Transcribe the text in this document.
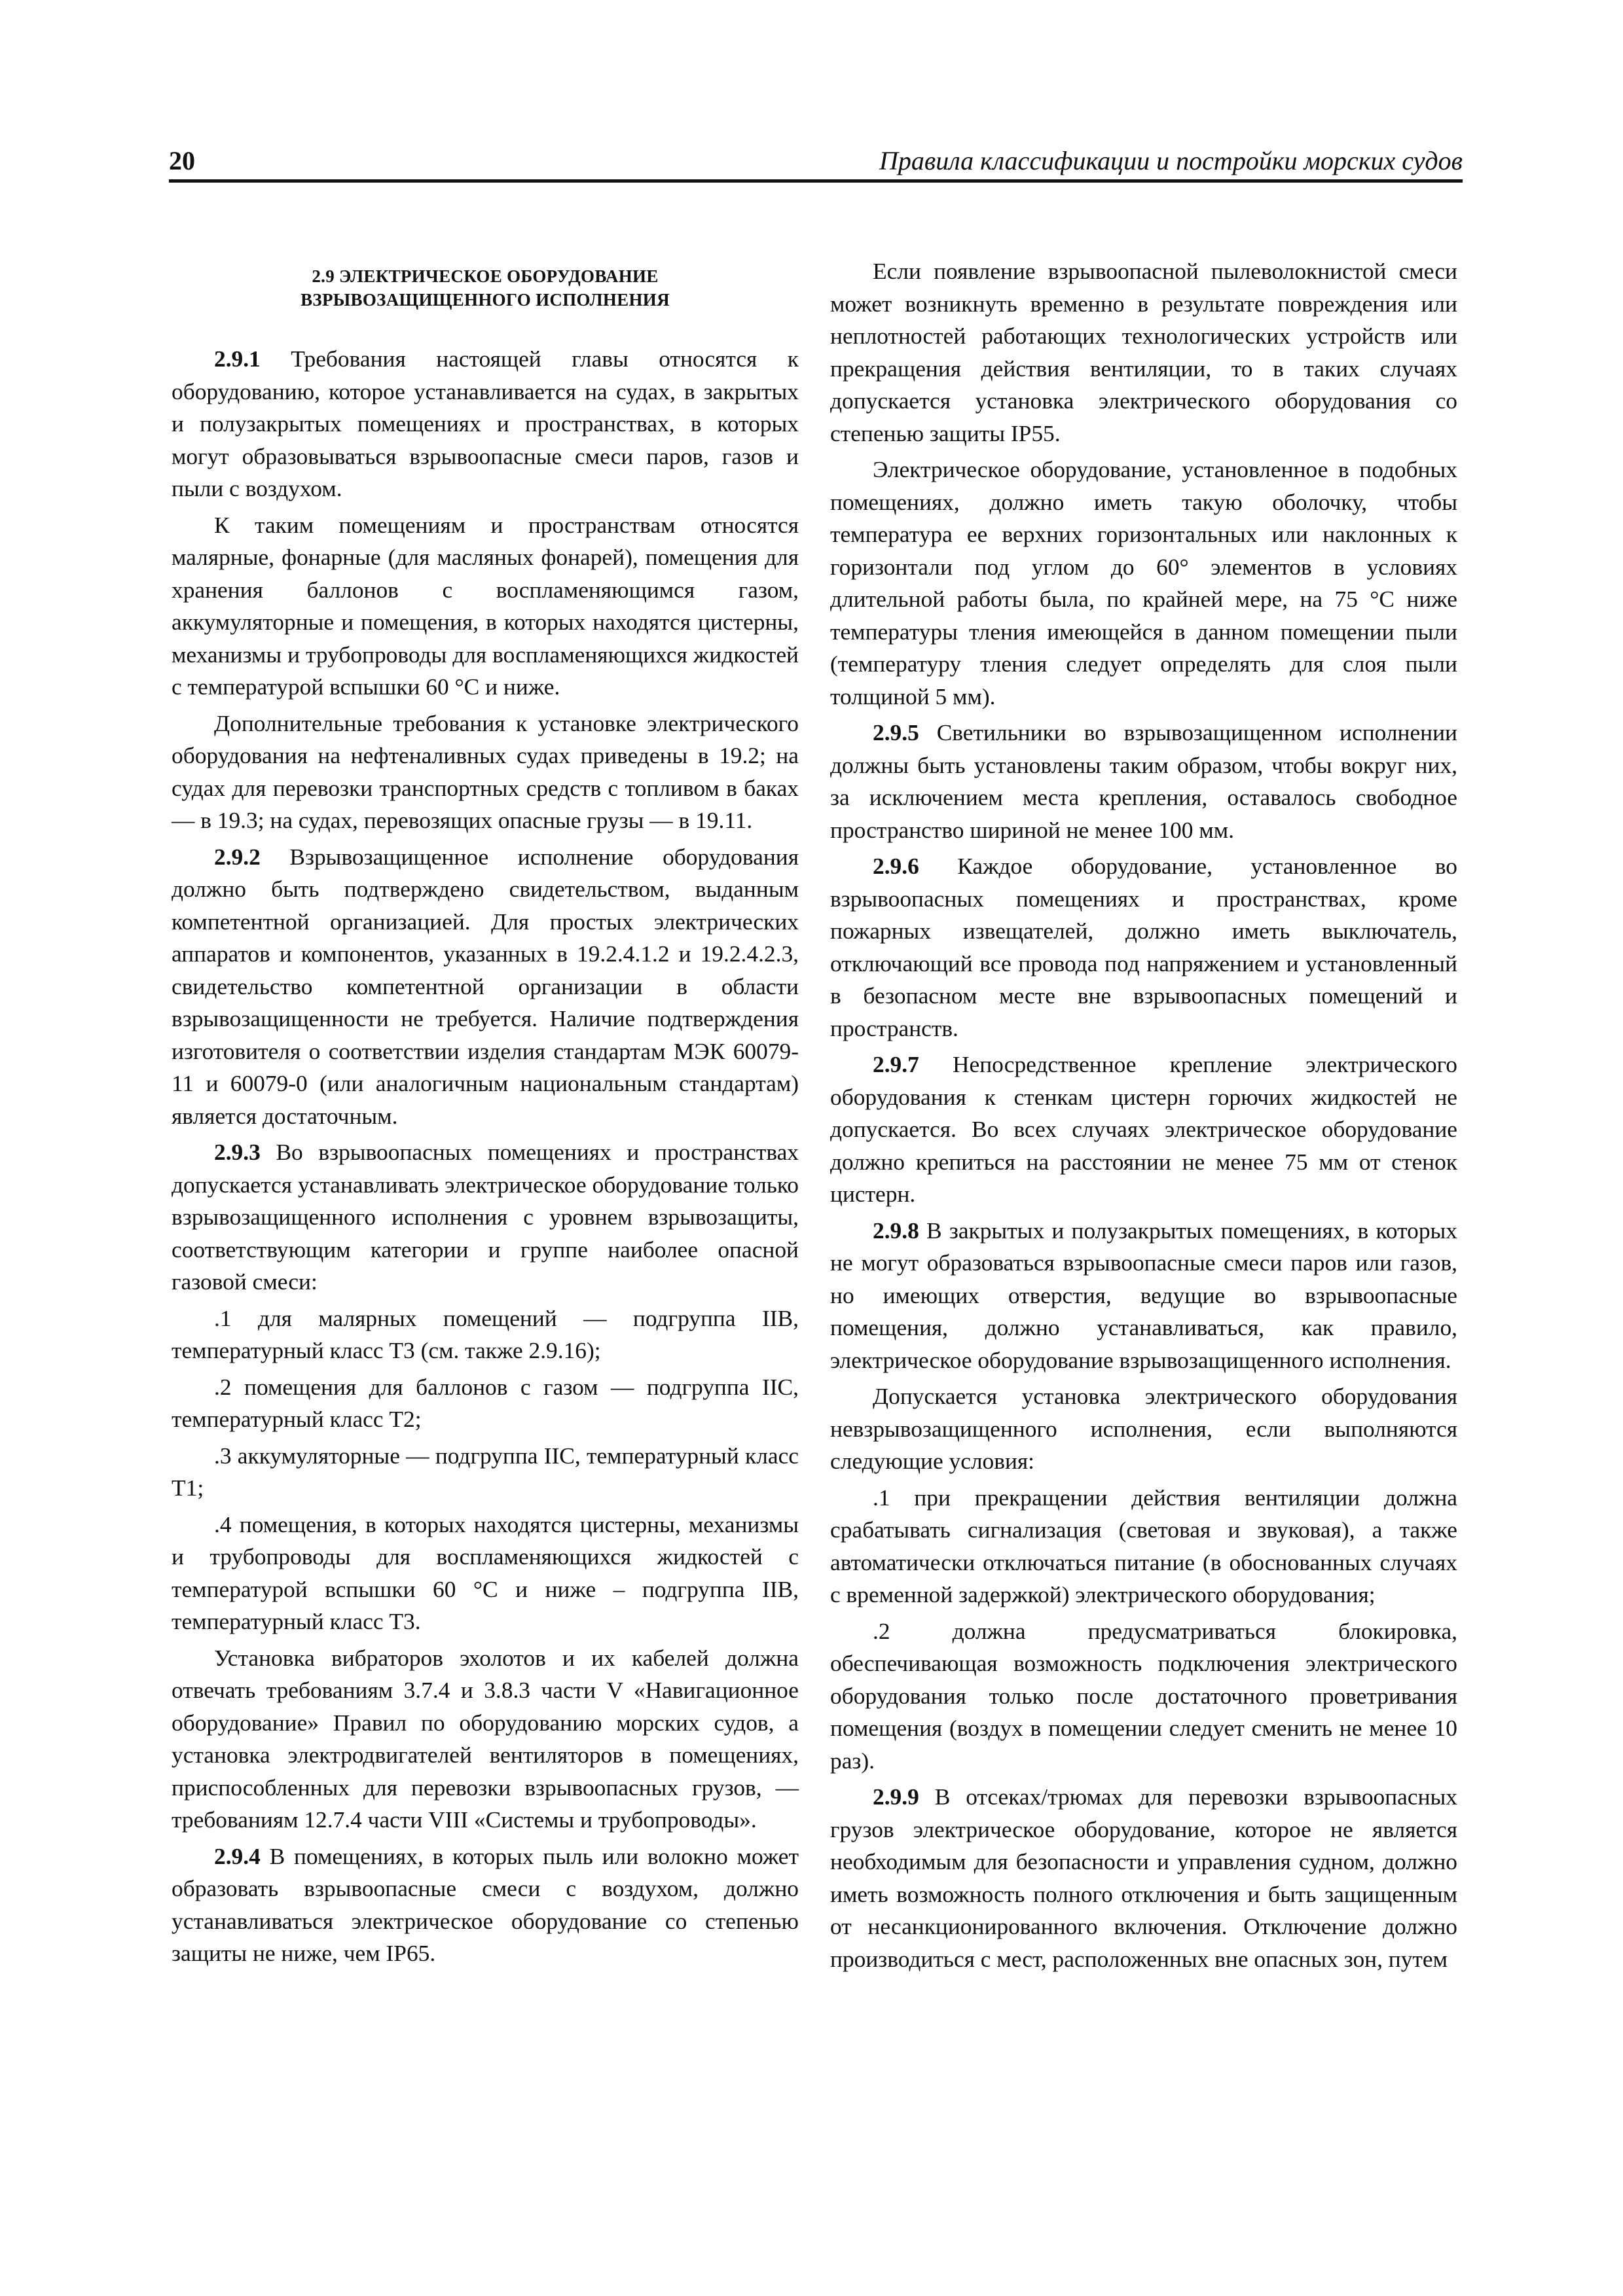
20	Правила классификации и постройки морских судов
2.9 ЭЛЕКТРИЧЕСКОЕ ОБОРУДОВАНИЕ
ВЗРЫВОЗАЩИЩЕННОГО ИСПОЛНЕНИЯ

2.9.1 Требования настоящей главы относятся к оборудованию, которое устанавливается на судах, в закрытых и полузакрытых помещениях и пространствах, в которых могут образовываться взрывоопасные смеси паров, газов и пыли с воздухом.

К таким помещениям и пространствам относятся малярные, фонарные (для масляных фонарей), помещения для хранения баллонов с воспламеняющимся газом, аккумуляторные и помещения, в которых находятся цистерны, механизмы и трубопроводы для воспламеняющихся жидкостей с температурой вспышки 60 °C и ниже.

Дополнительные требования к установке электрического оборудования на нефтеналивных судах приведены в 19.2; на судах для перевозки транспортных средств с топливом в баках — в 19.3; на судах, перевозящих опасные грузы — в 19.11.

2.9.2 Взрывозащищенное исполнение оборудования должно быть подтверждено свидетельством, выданным компетентной организацией. Для простых электрических аппаратов и компонентов, указанных в 19.2.4.1.2 и 19.2.4.2.3, свидетельство компетентной организации в области взрывозащищенности не требуется. Наличие подтверждения изготовителя о соответствии изделия стандартам МЭК 60079-11 и 60079-0 (или аналогичным национальным стандартам) является достаточным.

2.9.3 Во взрывоопасных помещениях и пространствах допускается устанавливать электрическое оборудование только взрывозащищенного исполнения с уровнем взрывозащиты, соответствующим категории и группе наиболее опасной газовой смеси:

.1 для малярных помещений — подгруппа IIB, температурный класс Т3 (см. также 2.9.16);

.2 помещения для баллонов с газом — подгруппа IIC, температурный класс Т2;

.3 аккумуляторные — подгруппа IIC, температурный класс Т1;

.4 помещения, в которых находятся цистерны, механизмы и трубопроводы для воспламеняющихся жидкостей с температурой вспышки 60 °C и ниже – подгруппа IIB, температурный класс Т3.

Установка вибраторов эхолотов и их кабелей должна отвечать требованиям 3.7.4 и 3.8.3 части V «Навигационное оборудование» Правил по оборудованию морских судов, а установка электродвигателей вентиляторов в помещениях, приспособленных для перевозки взрывоопасных грузов, — требованиям 12.7.4 части VIII «Системы и трубопроводы».

2.9.4 В помещениях, в которых пыль или волокно может образовать взрывоопасные смеси с воздухом, должно устанавливаться электрическое оборудование со степенью защиты не ниже, чем IP65.

Если появление взрывоопасной пылеволокнистой смеси может возникнуть временно в результате повреждения или неплотностей работающих технологических устройств или прекращения действия вентиляции, то в таких случаях допускается установка электрического оборудования со степенью защиты IP55.

Электрическое оборудование, установленное в подобных помещениях, должно иметь такую оболочку, чтобы температура ее верхних горизонтальных или наклонных к горизонтали под углом до 60° элементов в условиях длительной работы была, по крайней мере, на 75 °C ниже температуры тления имеющейся в данном помещении пыли (температуру тления следует определять для слоя пыли толщиной 5 мм).

2.9.5 Светильники во взрывозащищенном исполнении должны быть установлены таким образом, чтобы вокруг них, за исключением места крепления, оставалось свободное пространство шириной не менее 100 мм.

2.9.6 Каждое оборудование, установленное во взрывоопасных помещениях и пространствах, кроме пожарных извещателей, должно иметь выключатель, отключающий все провода под напряжением и установленный в безопасном месте вне взрывоопасных помещений и пространств.

2.9.7 Непосредственное крепление электрического оборудования к стенкам цистерн горючих жидкостей не допускается. Во всех случаях электрическое оборудование должно крепиться на расстоянии не менее 75 мм от стенок цистерн.

2.9.8 В закрытых и полузакрытых помещениях, в которых не могут образоваться взрывоопасные смеси паров или газов, но имеющих отверстия, ведущие во взрывоопасные помещения, должно устанавливаться, как правило, электрическое оборудование взрывозащищенного исполнения.

Допускается установка электрического оборудования невзрывозащищенного исполнения, если выполняются следующие условия:

.1 при прекращении действия вентиляции должна срабатывать сигнализация (световая и звуковая), а также автоматически отключаться питание (в обоснованных случаях с временной задержкой) электрического оборудования;

.2 должна предусматриваться блокировка, обеспечивающая возможность подключения электрического оборудования только после достаточного проветривания помещения (воздух в помещении следует сменить не менее 10 раз).

2.9.9 В отсеках/трюмах для перевозки взрывоопасных грузов электрическое оборудование, которое не является необходимым для безопасности и управления судном, должно иметь возможность полного отключения и быть защищенным от несанкционированного включения. Отключение должно производиться с мест, расположенных вне опасных зон, путем
